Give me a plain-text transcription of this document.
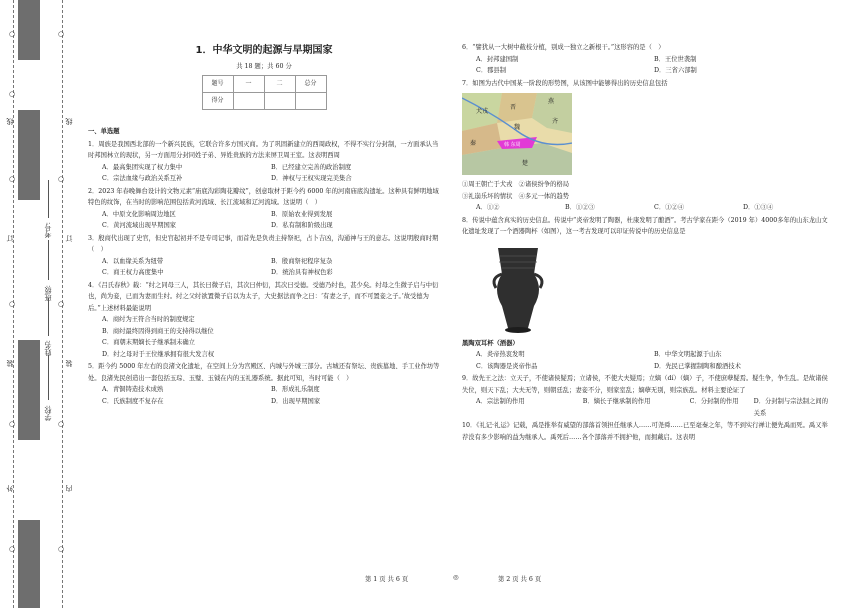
线
订
装
外
线
订
装
内
学校:
姓名:
班级:
考号:
○
○
○
○
○
○
○
○
○
○
○
1．中华文明的起源与早期国家
共 18 题；共 60 分
题号	一	二	总分
得分			
一、单选题
1．周族是我国西北部的一个新兴民族，它联合许多方国灭商。为了巩固新建立的西周政权，不得不实行分封制，一方面承认当时邦国林立的现状，另一方面用分封同姓子弟、异姓贵族的方法来屏卫周王室。这表明西周
A．最高集团实现了权力集中	B．已经建立完善的政治制度
C．宗法血缘与政治关系互补	D．神权与王权实现完美集合
2．2023 年春晚舞台设计的文物元素“庙底沟彩陶花瓣纹”，创意取材于距今约 6000 年的河南庙底沟遗址。这种具有鲜明地域特色的纹饰，在当时的影响范围包括黄河流域、长江流域和辽河流域。这说明（　）
A．中原文化影响周边地区	B．原始农业得到发展
C．黄河流域出现早期国家	D．私有制和阶级出现
3．殷商代出现了史官，但史官起初并不是专司记事，而首先是负责主持祭祀，占卜吉凶，沟通神与王的意志。这说明殷商时期（　）
A．以血缘关系为纽带	B．殷商祭祀程序复杂
C．商王权力高度集中	D．统治具有神权色彩
4．《吕氏春秋》载：“纣之同母三人，其长曰微子启，其次曰仲衍，其次曰受德。受德乃纣也，甚少矣。纣母之生微子启与中衍也，尚为妾，已而为妻而生纣。纣之父纣欲置微子启以为太子，大史据法而争之曰：‘有妻之子，而不可置妾之子。’故受德为后。”上述材料最能说明
A．商纣为王符合当时的制度规定
B．商纣最终因得到商王的支持得以继位
C．商朝末期嫡长子继承制未确立
D．纣之母对于王位继承拥有很大发言权
5．距今约 5000 年左右的良渚文化遗址，在空间上分为宫殿区、内城与外城三部分。古城还有祭坛、贵族墓地、手工业作坊等处。良渚先民创造出一套包括玉琮、玉璧、玉钺在内的玉礼器系统。据此可知，当时可能（　）
A．青铜铸造技术成熟	B．形成礼乐制度
C．氏族制度不复存在	D．出现早期国家
6．“譬犹从一大树中截枝分植，别成一独立之新根干。”这形容的是（　）
A．封邦建国制	B．王位世袭制
C．郡县制	D．三省六部制
7．如图为古代中国某一阶段的形势图，从该图中能够得出的历史信息包括
犬戎
晋
魏
韩 东周
燕
齐
秦
楚
①周王朝亡于犬戎　②诸侯纷争的格局
③礼崩乐坏的情状　④多元一体的趋势
A．①②	B．①②③	C．①②④	D．①③④
8．传说中蕴含真实的历史信息。传说中“炎帝发明了陶器，杜康发明了酿酒”。考古学家在距今（2019 年）4000多年的山东龙山文化遗址发现了一个酒器陶杯（如图），这一考古发现可以印证传说中的历史信息是
黑陶双耳杯（酒器）
A．炎帝热衷发明	B．中华文明起源于山东
C．该陶器是炎帝作品	D．先民已掌握制陶和酿酒技术
9．故先王之法：立天子，不使诸侯疑焉；立诸侯，不使大夫疑焉；立嫡（dí）（嫡）子，不使庶孽疑焉。疑生争，争生乱。是故诸侯失位，则天下乱；大夫无等，则朝廷乱；妻妾不分，则家室乱；嫡孽无别，则宗族乱。材料主要论证了
A．宗法制的作用	B．嫡长子继承制的作用	C．分封制的作用	D．分封制与宗法制之间的关系
10．《礼记·礼运》记载，禹是推举有威望的部落首领担任继承人……可尧舜……已至毫秦之年，等不到实行禅让便先禹而死。禹又举荐没有多少影响的益为继承人。禹死后……各个部落并不拥护他，而拥戴启。这表明
第 1 页 共 6 页	◎	第 2 页 共 6 页
